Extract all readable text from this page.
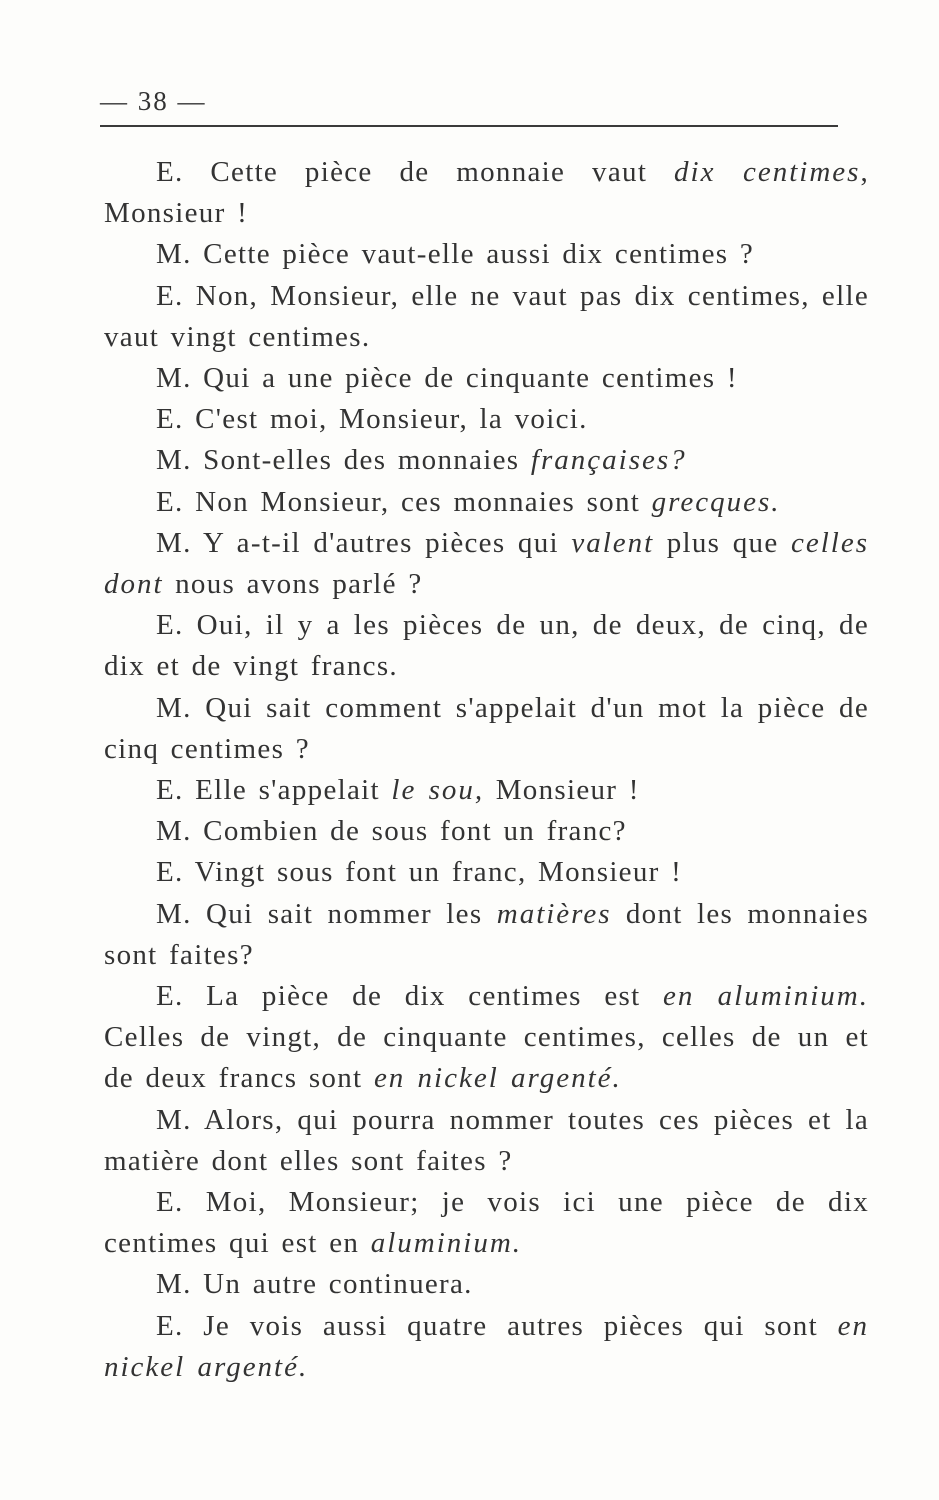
— 38 —

E. Cette pièce de monnaie vaut dix centimes, Monsieur !

M. Cette pièce vaut-elle aussi dix centimes ?

E. Non, Monsieur, elle ne vaut pas dix centimes, elle vaut vingt centimes.

M. Qui a une pièce de cinquante centimes !

E. C'est moi, Monsieur, la voici.

M. Sont-elles des monnaies françaises?

E. Non Monsieur, ces monnaies sont grecques.

M. Y a-t-il d'autres pièces qui valent plus que celles dont nous avons parlé ?

E. Oui, il y a les pièces de un, de deux, de cinq, de dix et de vingt francs.

M. Qui sait comment s'appelait d'un mot la pièce de cinq centimes ?

E. Elle s'appelait le sou, Monsieur !

M. Combien de sous font un franc?

E. Vingt sous font un franc, Monsieur !

M. Qui sait nommer les matières dont les monnaies sont faites?

E. La pièce de dix centimes est en aluminium. Celles de vingt, de cinquante centimes, celles de un et de deux francs sont en nickel argenté.

M. Alors, qui pourra nommer toutes ces pièces et la matière dont elles sont faites ?

E. Moi, Monsieur; je vois ici une pièce de dix centimes qui est en aluminium.

M. Un autre continuera.

E. Je vois aussi quatre autres pièces qui sont en nickel argenté.
